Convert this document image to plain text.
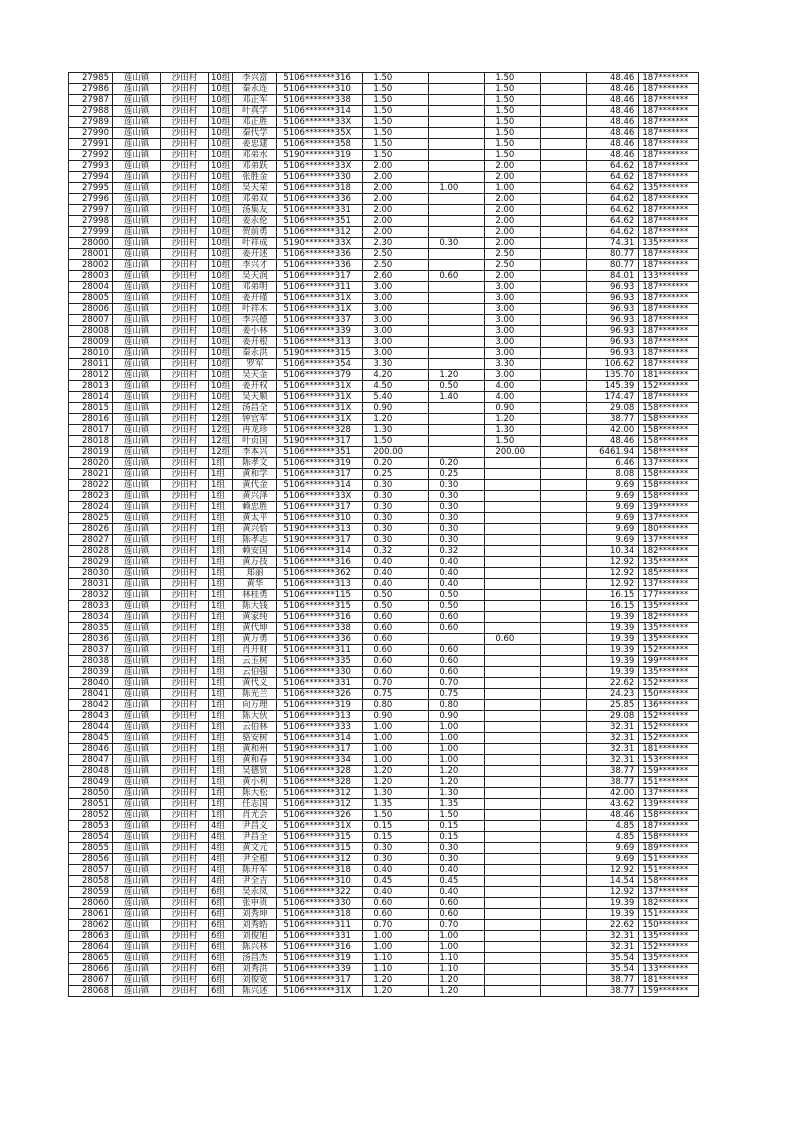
27985	莲山镇	沙田村	10组	李兴富	5106*******316	1.50		1.50		48.46	187*******
27986	莲山镇	沙田村	10组	秦永连	5106*******310	1.50		1.50		48.46	187*******
27987	莲山镇	沙田村	10组	邓正军	5106*******338	1.50		1.50		48.46	187*******
27988	莲山镇	沙田村	10组	叶真学	5106*******314	1.50		1.50		48.46	187*******
27989	莲山镇	沙田村	10组	邓正胜	5106*******33X	1.50		1.50		48.46	187*******
27990	莲山镇	沙田村	10组	秦代学	5106*******35X	1.50		1.50		48.46	187*******
27991	莲山镇	沙田村	10组	姜忠建	5106*******358	1.50		1.50		48.46	187*******
27992	莲山镇	沙田村	10组	邓弟水	5190*******319	1.50		1.50		48.46	187*******
27993	莲山镇	沙田村	10组	邓弟跃	5106*******33X	2.00		2.00		64.62	187*******
27994	莲山镇	沙田村	10组	张胜金	5106*******330	2.00		2.00		64.62	187*******
27995	莲山镇	沙田村	10组	吴天荣	5106*******318	2.00	1.00	1.00		64.62	135*******
27996	莲山镇	沙田村	10组	邓弟双	5106*******336	2.00		2.00		64.62	187*******
27997	莲山镇	沙田村	10组	汤集友	5106*******331	2.00		2.00		64.62	187*******
27998	莲山镇	沙田村	10组	姜永伦	5106*******351	2.00		2.00		64.62	187*******
27999	莲山镇	沙田村	10组	贺前勇	5106*******312	2.00		2.00		64.62	187*******
28000	莲山镇	沙田村	10组	叶祥成	5190*******33X	2.30	0.30	2.00		74.31	135*******
28001	莲山镇	沙田村	10组	姜开述	5106*******336	2.50		2.50		80.77	187*******
28002	莲山镇	沙田村	10组	李兴才	5106*******336	2.50		2.50		80.77	187*******
28003	莲山镇	沙田村	10组	吴天润	5106*******317	2.60	0.60	2.00		84.01	133*******
28004	莲山镇	沙田村	10组	邓弟明	5106*******311	3.00		3.00		96.93	187*******
28005	莲山镇	沙田村	10组	姜开瑾	5106*******31X	3.00		3.00		96.93	187*******
28006	莲山镇	沙田村	10组	叶祥木	5106*******31X	3.00		3.00		96.93	187*******
28007	莲山镇	沙田村	10组	李兴德	5106*******337	3.00		3.00		96.93	187*******
28008	莲山镇	沙田村	10组	姜小林	5106*******339	3.00		3.00		96.93	187*******
28009	莲山镇	沙田村	10组	姜开根	5106*******313	3.00		3.00		96.93	187*******
28010	莲山镇	沙田村	10组	秦永洪	5190*******315	3.00		3.00		96.93	187*******
28011	莲山镇	沙田村	10组	罗军	5106*******354	3.30		3.30		106.62	187*******
28012	莲山镇	沙田村	10组	吴天金	5106*******379	4.20	1.20	3.00		135.70	181*******
28013	莲山镇	沙田村	10组	姜开权	5106*******31X	4.50	0.50	4.00		145.39	152*******
28014	莲山镇	沙田村	10组	吴天顺	5106*******31X	5.40	1.40	4.00		174.47	187*******
28015	莲山镇	沙田村	12组	汤昌全	5106*******31X	0.90		0.90		29.08	158*******
28016	莲山镇	沙田村	12组	钟官军	5106*******31X	1.20		1.20		38.77	158*******
28017	莲山镇	沙田村	12组	冉龙珍	5106*******328	1.30		1.30		42.00	158*******
28018	莲山镇	沙田村	12组	叶贞国	5190*******317	1.50		1.50		48.46	158*******
28019	莲山镇	沙田村	12组	李本兴	5106*******351	200.00		200.00		6461.94	158*******
28020	莲山镇	沙田村	1组	陈孝文	5106*******319	0.20	0.20			6.46	137*******
28021	莲山镇	沙田村	1组	黄和学	5106*******317	0.25	0.25			8.08	158*******
28022	莲山镇	沙田村	1组	黄代金	5106*******314	0.30	0.30			9.69	158*******
28023	莲山镇	沙田村	1组	黄兴泽	5106*******33X	0.30	0.30			9.69	158*******
28024	莲山镇	沙田村	1组	赖忠胜	5106*******317	0.30	0.30			9.69	139*******
28025	莲山镇	沙田村	1组	黄太平	5106*******310	0.30	0.30			9.69	137*******
28026	莲山镇	沙田村	1组	黄兴恰	5190*******313	0.30	0.30			9.69	180*******
28027	莲山镇	沙田村	1组	陈孝志	5190*******317	0.30	0.30			9.69	137*******
28028	莲山镇	沙田村	1组	赖安国	5106*******314	0.32	0.32			10.34	182*******
28029	莲山镇	沙田村	1组	黄万技	5106*******316	0.40	0.40			12.92	135*******
28030	莲山镇	沙田村	1组	郑丽	5106*******362	0.40	0.40			12.92	185*******
28031	莲山镇	沙田村	1组	黄华	5106*******313	0.40	0.40			12.92	137*******
28032	莲山镇	沙田村	1组	林桂勇	5106*******115	0.50	0.50			16.15	177*******
28033	莲山镇	沙田村	1组	陈大钱	5106*******315	0.50	0.50			16.15	135*******
28034	莲山镇	沙田村	1组	黄家纯	5106*******316	0.60	0.60			19.39	182*******
28035	莲山镇	沙田村	1组	黄代坤	5106*******338	0.60	0.60			19.39	135*******
28036	莲山镇	沙田村	1组	黄万勇	5106*******336	0.60		0.60		19.39	135*******
28037	莲山镇	沙田村	1组	肖开财	5106*******311	0.60	0.60			19.39	152*******
28038	莲山镇	沙田村	1组	云玉树	5106*******335	0.60	0.60			19.39	199*******
28039	莲山镇	沙田村	1组	云伯强	5106*******330	0.60	0.60			19.39	135*******
28040	莲山镇	沙田村	1组	黄代义	5106*******331	0.70	0.70			22.62	152*******
28041	莲山镇	沙田村	1组	陈光兰	5106*******326	0.75	0.75			24.23	150*******
28042	莲山镇	沙田村	1组	向万理	5106*******319	0.80	0.80			25.85	136*******
28043	莲山镇	沙田村	1组	陈大伙	5106*******313	0.90	0.90			29.08	152*******
28044	莲山镇	沙田村	1组	云伯林	5106*******333	1.00	1.00			32.31	152*******
28045	莲山镇	沙田村	1组	骆安树	5106*******314	1.00	1.00			32.31	152*******
28046	莲山镇	沙田村	1组	黄和州	5190*******317	1.00	1.00			32.31	181*******
28047	莲山镇	沙田村	1组	黄和春	5190*******334	1.00	1.00			32.31	153*******
28048	莲山镇	沙田村	1组	吴德贤	5106*******328	1.20	1.20			38.77	159*******
28049	莲山镇	沙田村	1组	黄小利	5106*******328	1.20	1.20			38.77	151*******
28050	莲山镇	沙田村	1组	陈大松	5106*******312	1.30	1.30			42.00	137*******
28051	莲山镇	沙田村	1组	任志国	5106*******312	1.35	1.35			43.62	139*******
28052	莲山镇	沙田村	1组	肖尤会	5106*******326	1.50	1.50			48.46	158*******
28053	莲山镇	沙田村	4组	尹昌义	5106*******31X	0.15	0.15			4.85	187*******
28054	莲山镇	沙田村	4组	尹昌全	5106*******315	0.15	0.15			4.85	158*******
28055	莲山镇	沙田村	4组	黄文元	5106*******315	0.30	0.30			9.69	189*******
28056	莲山镇	沙田村	4组	尹全根	5106*******312	0.30	0.30			9.69	151*******
28057	莲山镇	沙田村	4组	陈开军	5106*******318	0.40	0.40			12.92	151*******
28058	莲山镇	沙田村	4组	尹全吉	5106*******310	0.45	0.45			14.54	158*******
28059	莲山镇	沙田村	6组	吴永凤	5106*******322	0.40	0.40			12.92	137*******
28060	莲山镇	沙田村	6组	张申贵	5106*******330	0.60	0.60			19.39	182*******
28061	莲山镇	沙田村	6组	刘秀坤	5106*******318	0.60	0.60			19.39	151*******
28062	莲山镇	沙田村	6组	刘秀皓	5106*******311	0.70	0.70			22.62	150*******
28063	莲山镇	沙田村	6组	刘俊旭	5106*******331	1.00	1.00			32.31	135*******
28064	莲山镇	沙田村	6组	陈兴林	5106*******316	1.00	1.00			32.31	152*******
28065	莲山镇	沙田村	6组	汤昌杰	5106*******319	1.10	1.10			35.54	135*******
28066	莲山镇	沙田村	6组	刘秀洪	5106*******339	1.10	1.10			35.54	133*******
28067	莲山镇	沙田村	6组	刘俊宽	5106*******317	1.20	1.20			38.77	181*******
28068	莲山镇	沙田村	6组	陈兴述	5106*******31X	1.20	1.20			38.77	159*******
